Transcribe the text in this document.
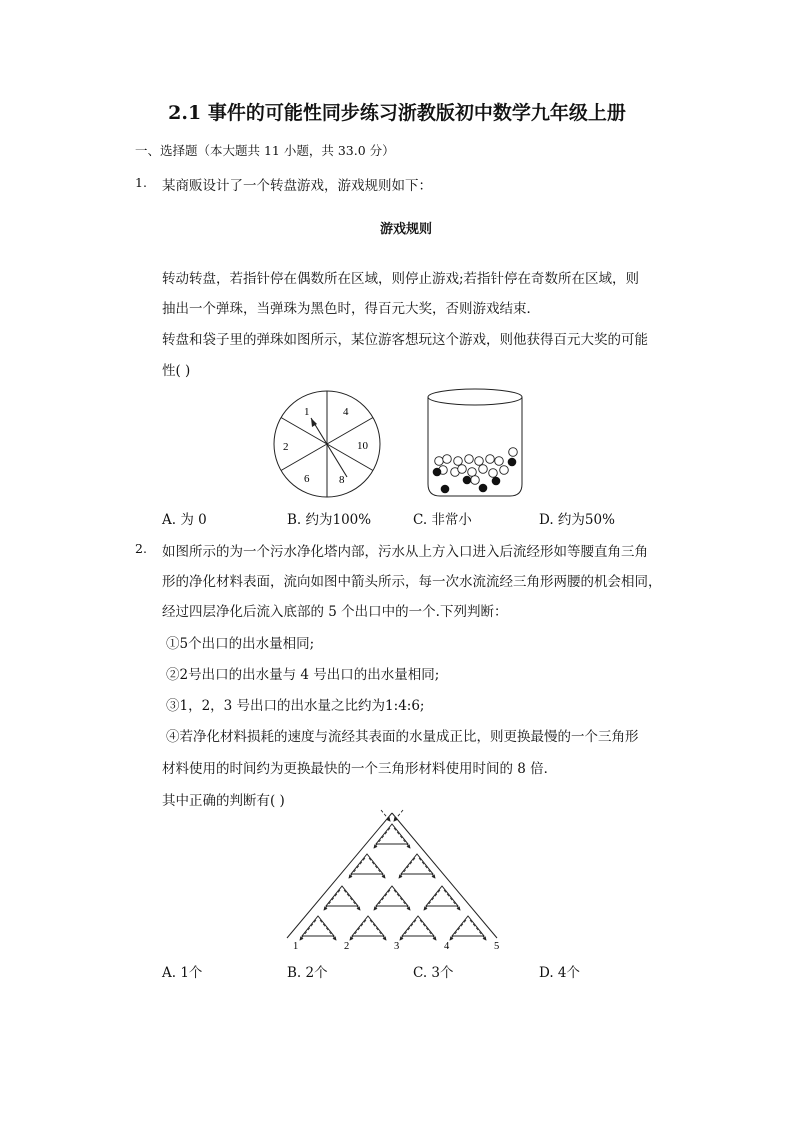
2.1 事件的可能性同步练习浙教版初中数学九年级上册
一、选择题（本大题共 11 小题，共 33.0 分）
1. 某商贩设计了一个转盘游戏，游戏规则如下：
游戏规则
转动转盘，若指针停在偶数所在区域，则停止游戏;若指针停在奇数所在区域，则
抽出一个弹珠，当弹珠为黑色时，得百元大奖，否则游戏结束．
转盘和袋子里的弹珠如图所示，某位游客想玩这个游戏，则他获得百元大奖的可能
性( )
1	4
10
8
6
2
A. 为 0	B. 约为100%	C. 非常小	D. 约为50%
2. 如图所示的为一个污水净化塔内部，污水从上方入口进入后流经形如等腰直角三角
形的净化材料表面，流向如图中箭头所示，每一次水流流经三角形两腰的机会相同，
经过四层净化后流入底部的 5 个出口中的一个.下列判断：
①5个出口的出水量相同;
②2号出口的出水量与 4 号出口的出水量相同;
③1，2，3 号出口的出水量之比约为1:4:6;
④若净化材料损耗的速度与流经其表面的水量成正比，则更换最慢的一个三角形
材料使用的时间约为更换最快的一个三角形材料使用时间的 8 倍．
其中正确的判断有( )
1	2	3	4	5
A. 1个	B. 2个	C. 3个	D. 4个
